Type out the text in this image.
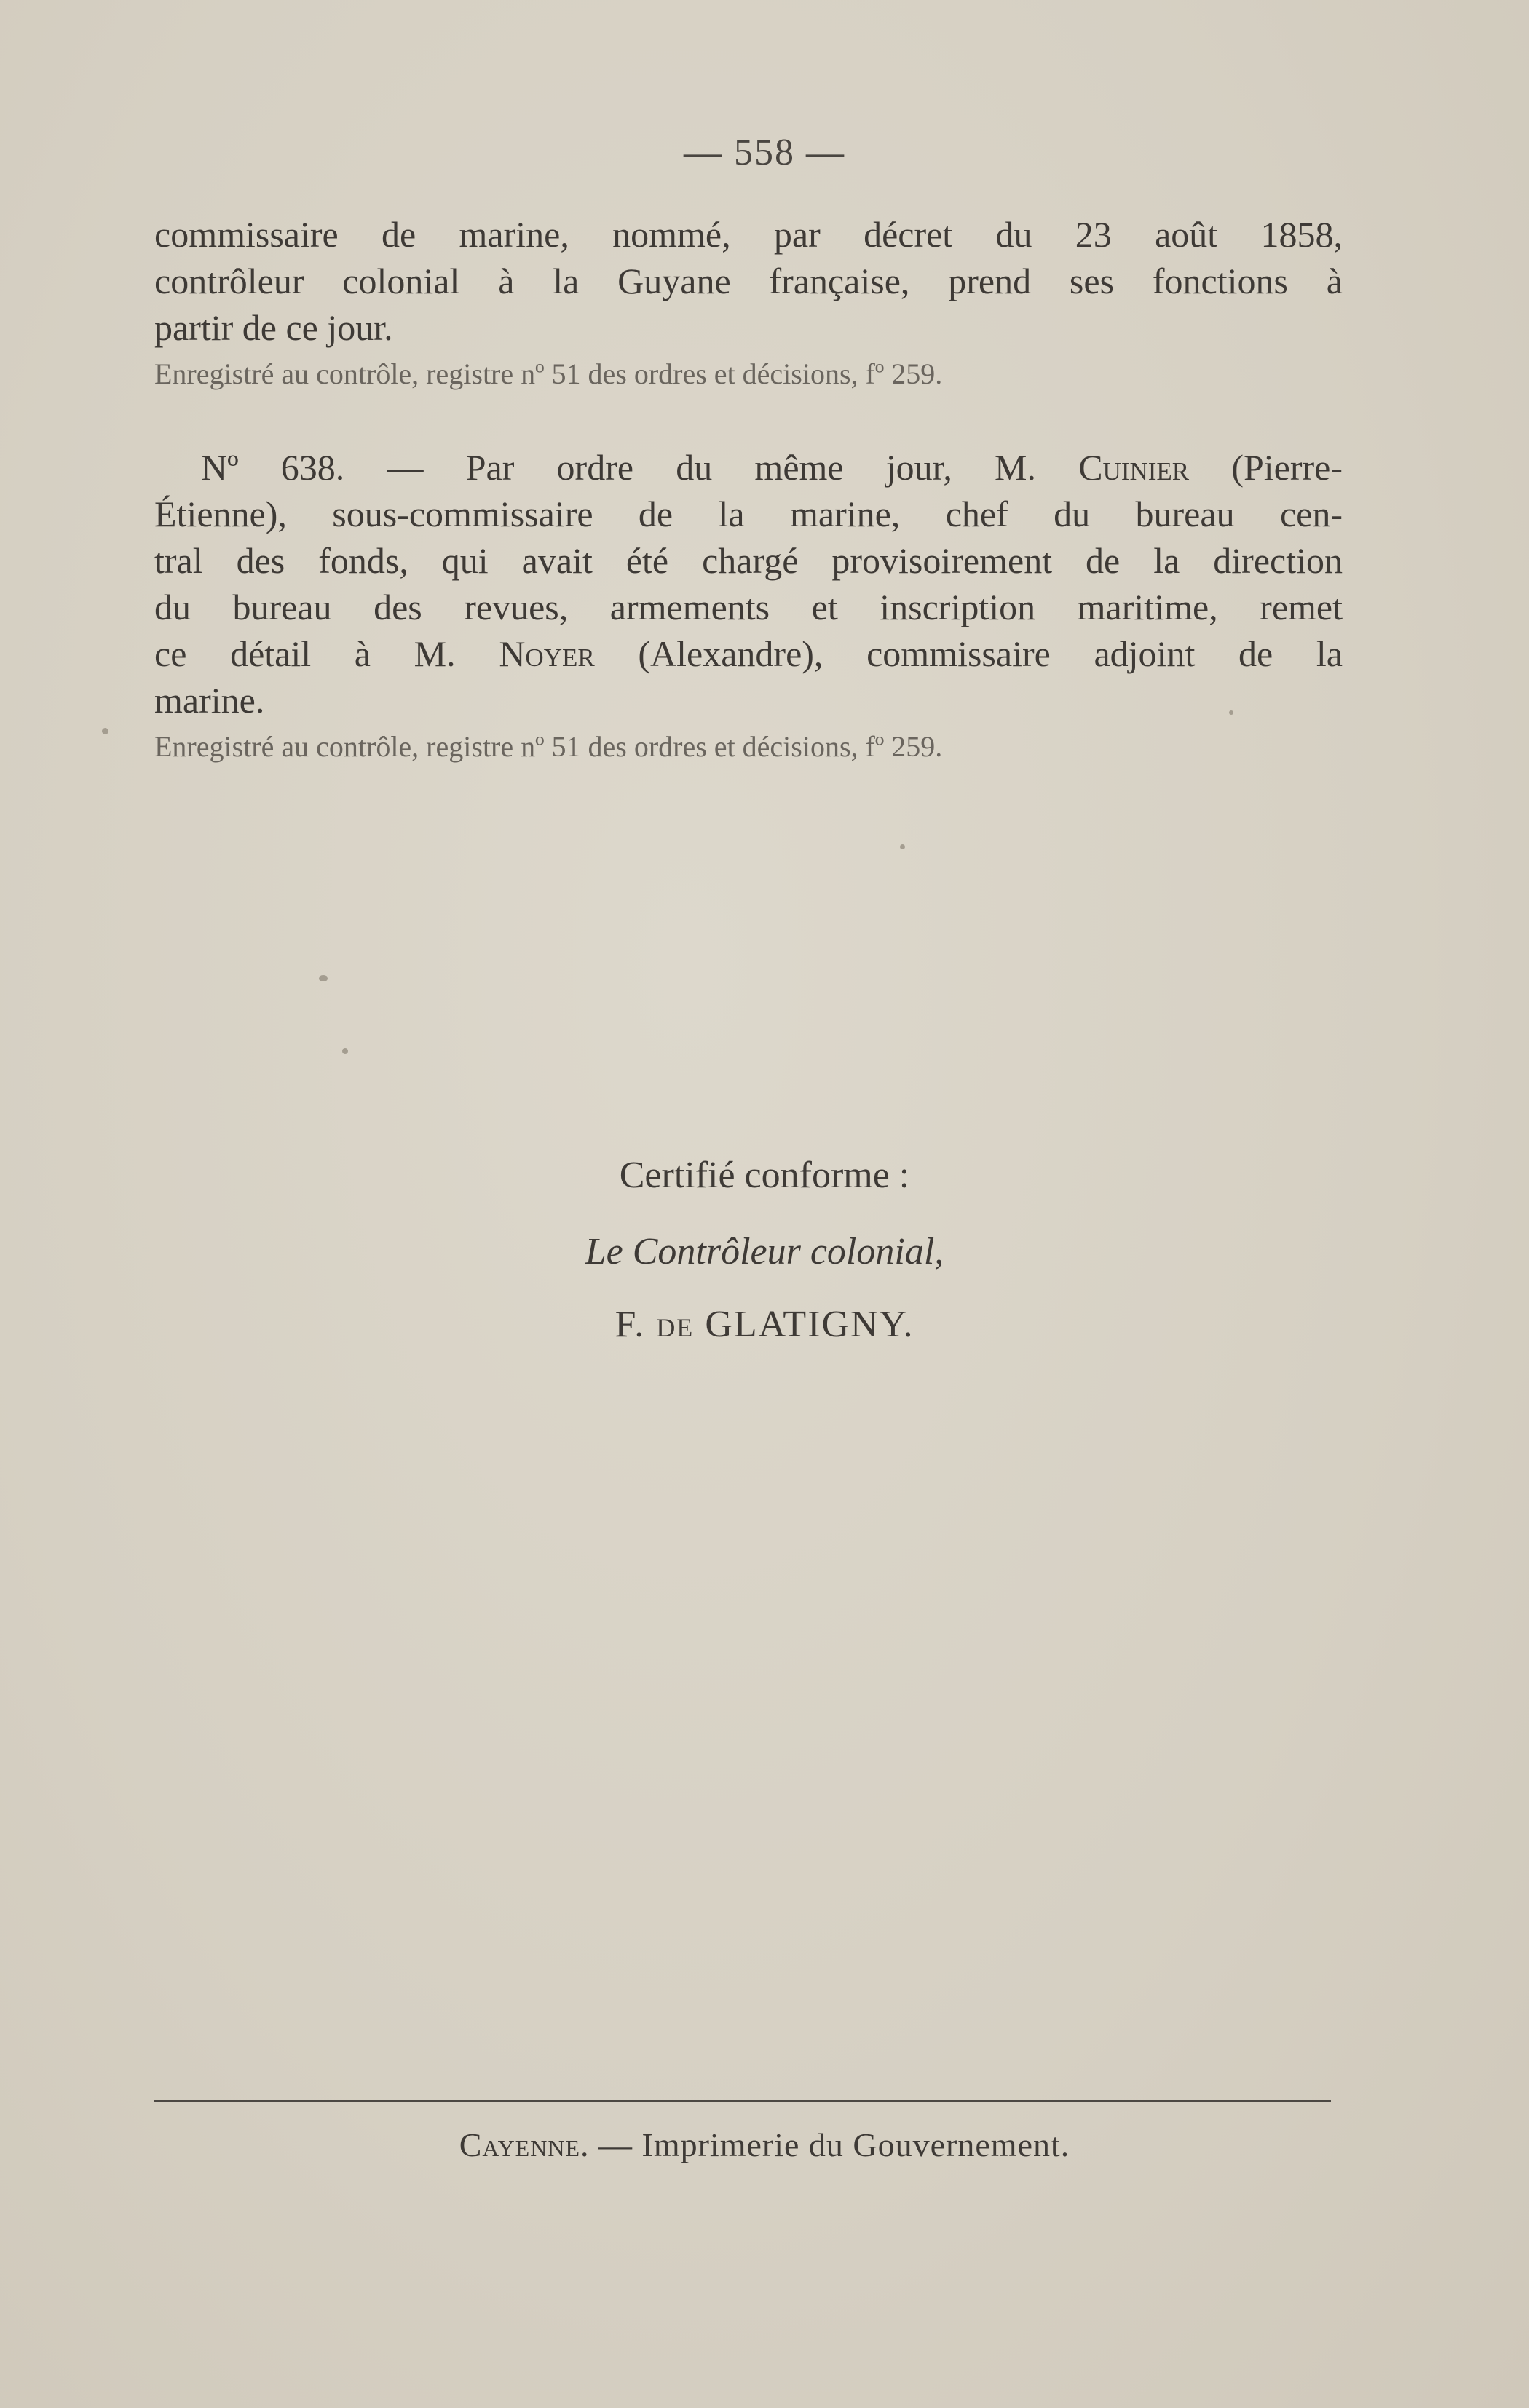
— 558 —

commissaire de marine, nommé, par décret du 23 août 1858,
contrôleur colonial à la Guyane française, prend ses fonctions à
partir de ce jour.

Enregistré au contrôle, registre nº 51 des ordres et décisions, fº 259.

Nº 638. — Par ordre du même jour, M. Cuinier (Pierre-
Étienne), sous-commissaire de la marine, chef du bureau cen-
tral des fonds, qui avait été chargé provisoirement de la direction
du bureau des revues, armements et inscription maritime, remet
ce détail à M. Noyer (Alexandre), commissaire adjoint de la
marine.

Enregistré au contrôle, registre nº 51 des ordres et décisions, fº 259.

Certifié conforme :
Le Contrôleur colonial,
F. de GLATIGNY.
Cayenne. — Imprimerie du Gouvernement.
